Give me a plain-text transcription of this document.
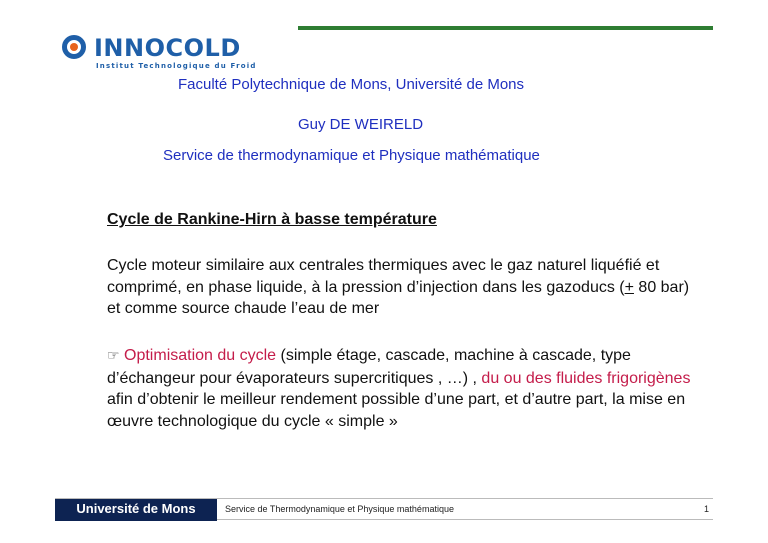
INNOCOLD
Institut Technologique du Froid
Faculté Polytechnique de Mons, Université de Mons
Guy DE WEIRELD
Service de thermodynamique et Physique mathématique
Cycle de Rankine-Hirn à basse température
Cycle moteur similaire aux centrales thermiques avec le gaz naturel liquéfié et comprimé, en phase liquide, à la pression d’injection dans les gazoducs (+ 80 bar) et comme source chaude l’eau de mer
☞ Optimisation du cycle (simple étage, cascade, machine à cascade, type d’échangeur pour évaporateurs supercritiques , …) , du ou des fluides frigorigènes afin d’obtenir le meilleur rendement possible d’une part, et d’autre part, la mise en œuvre technologique du cycle « simple »
Université de Mons	Service de Thermodynamique et Physique mathématique	1
